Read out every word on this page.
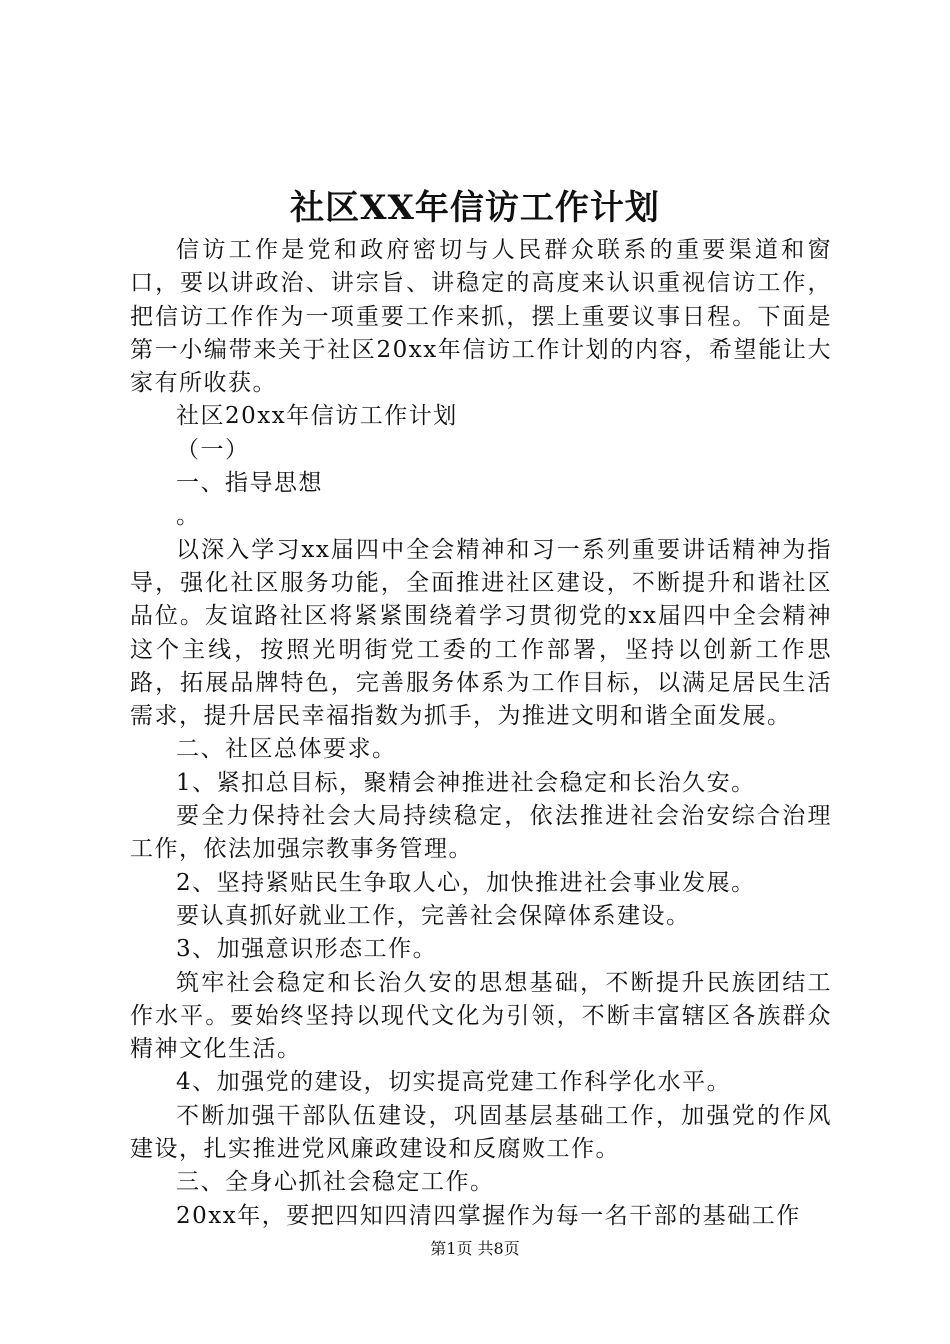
社区XX年信访工作计划

信访工作是党和政府密切与人民群众联系的重要渠道和窗口，要以讲政治、讲宗旨、讲稳定的高度来认识重视信访工作，把信访工作作为一项重要工作来抓，摆上重要议事日程。下面是第一小编带来关于社区20xx年信访工作计划的内容，希望能让大家有所收获。

社区20xx年信访工作计划

（一）

一、指导思想

。

以深入学习xx届四中全会精神和习一系列重要讲话精神为指导，强化社区服务功能，全面推进社区建设，不断提升和谐社区品位。友谊路社区将紧紧围绕着学习贯彻党的xx届四中全会精神这个主线，按照光明街党工委的工作部署，坚持以创新工作思路，拓展品牌特色，完善服务体系为工作目标，以满足居民生活需求，提升居民幸福指数为抓手，为推进文明和谐全面发展。

二、社区总体要求。

1、紧扣总目标，聚精会神推进社会稳定和长治久安。

要全力保持社会大局持续稳定，依法推进社会治安综合治理工作，依法加强宗教事务管理。

2、坚持紧贴民生争取人心，加快推进社会事业发展。

要认真抓好就业工作，完善社会保障体系建设。

3、加强意识形态工作。

筑牢社会稳定和长治久安的思想基础，不断提升民族团结工作水平。要始终坚持以现代文化为引领，不断丰富辖区各族群众精神文化生活。

4、加强党的建设，切实提高党建工作科学化水平。

不断加强干部队伍建设，巩固基层基础工作，加强党的作风建设，扎实推进党风廉政建设和反腐败工作。

三、全身心抓社会稳定工作。

20xx年，要把四知四清四掌握作为每一名干部的基础工作

第1页 共8页
